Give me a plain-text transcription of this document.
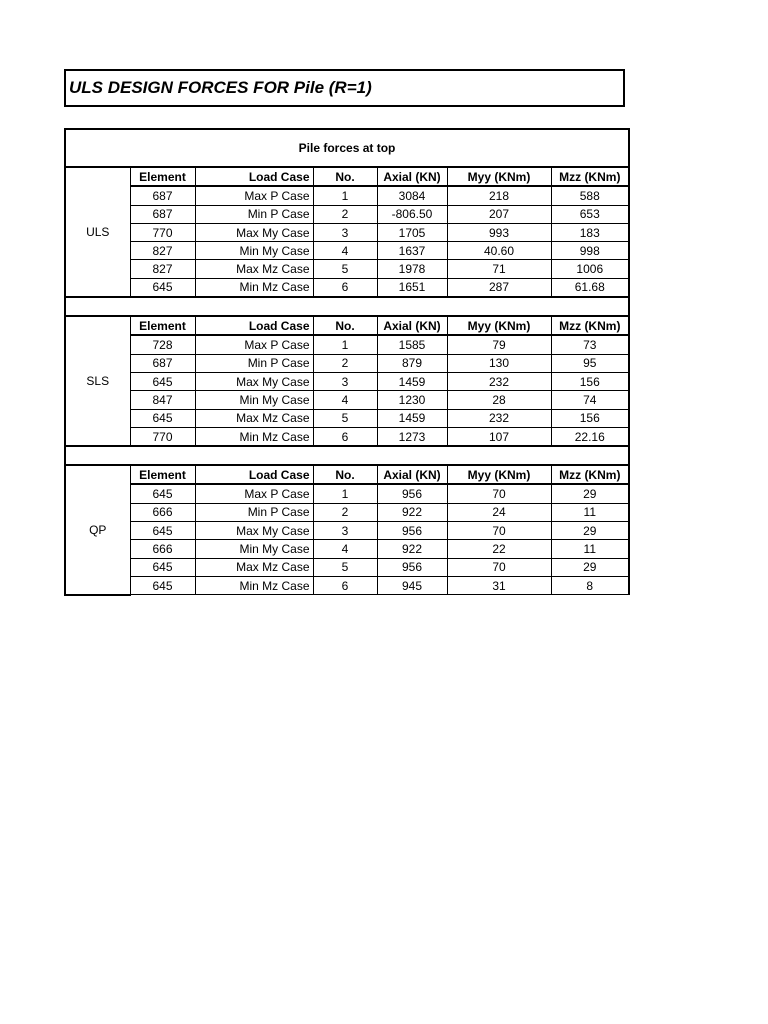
ULS DESIGN FORCES FOR Pile (R=1)
Pile forces at top						
ULS	Element	Load Case	No.	Axial (KN)	Myy (KNm)	Mzz (KNm)
	687	Max P Case	1	3084	218	588
	687	Min P Case	2	-806.50	207	653
	770	Max My Case	3	1705	993	183
	827	Min My Case	4	1637	40.60	998
	827	Max Mz Case	5	1978	71	1006
	645	Min Mz Case	6	1651	287	61.68

SLS	Element	Load Case	No.	Axial (KN)	Myy (KNm)	Mzz (KNm)
	728	Max P Case	1	1585	79	73
	687	Min P Case	2	879	130	95
	645	Max My Case	3	1459	232	156
	847	Min My Case	4	1230	28	74
	645	Max Mz Case	5	1459	232	156
	770	Min Mz Case	6	1273	107	22.16

QP	Element	Load Case	No.	Axial (KN)	Myy (KNm)	Mzz (KNm)
	645	Max P Case	1	956	70	29
	666	Min P Case	2	922	24	11
	645	Max My Case	3	956	70	29
	666	Min My Case	4	922	22	11
	645	Max Mz Case	5	956	70	29
	645	Min Mz Case	6	945	31	8
